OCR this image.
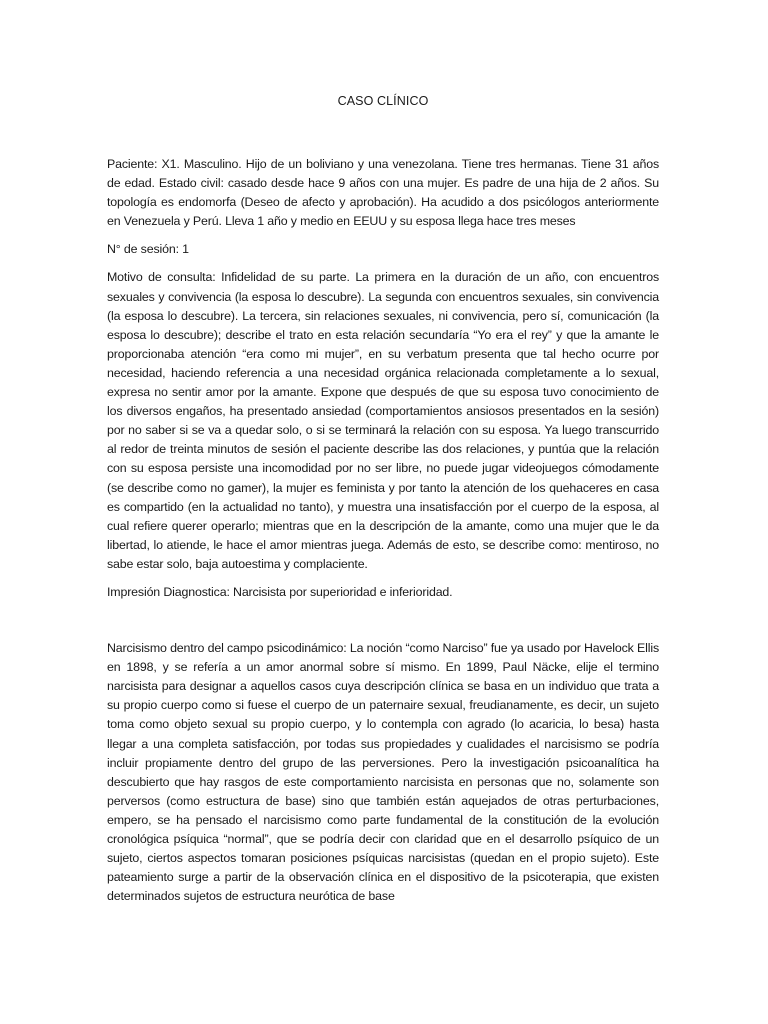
CASO CLÍNICO

Paciente: X1. Masculino. Hijo de un boliviano y una venezolana. Tiene tres hermanas. Tiene 31 años de edad. Estado civil: casado desde hace 9 años con una mujer. Es padre de una hija de 2 años. Su topología es endomorfa (Deseo de afecto y aprobación). Ha acudido a dos psicólogos anteriormente en Venezuela y Perú. Lleva 1 año y medio en EEUU y su esposa llega hace tres meses

N° de sesión: 1

Motivo de consulta: Infidelidad de su parte. La primera en la duración de un año, con encuentros sexuales y convivencia (la esposa lo descubre). La segunda con encuentros sexuales, sin convivencia (la esposa lo descubre). La tercera, sin relaciones sexuales, ni convivencia, pero sí, comunicación (la esposa lo descubre); describe el trato en esta relación secundaría “Yo era el rey” y que la amante le proporcionaba atención “era como mi mujer”, en su verbatum presenta que tal hecho ocurre por necesidad, haciendo referencia a una necesidad orgánica relacionada completamente a lo sexual, expresa no sentir amor por la amante. Expone que después de que su esposa tuvo conocimiento de los diversos engaños, ha presentado ansiedad (comportamientos ansiosos presentados en la sesión) por no saber si se va a quedar solo, o si se terminará la relación con su esposa. Ya luego transcurrido al redor de treinta minutos de sesión el paciente describe las dos relaciones, y puntúa que la relación con su esposa persiste una incomodidad por no ser libre, no puede jugar videojuegos cómodamente (se describe como no gamer), la mujer es feminista y por tanto la atención de los quehaceres en casa es compartido (en la actualidad no tanto), y muestra una insatisfacción por el cuerpo de la esposa, al cual refiere querer operarlo; mientras que en la descripción de la amante, como una mujer que le da libertad, lo atiende, le hace el amor mientras juega. Además de esto, se describe como: mentiroso, no sabe estar solo, baja autoestima y complaciente.

Impresión Diagnostica: Narcisista por superioridad e inferioridad.

Narcisismo dentro del campo psicodinámico: La noción “como Narciso” fue ya usado por Havelock Ellis en 1898, y se refería a un amor anormal sobre sí mismo. En 1899, Paul Näcke, elije el termino narcisista para designar a aquellos casos cuya descripción clínica se basa en un individuo que trata a su propio cuerpo como si fuese el cuerpo de un paternaire sexual, freudianamente, es decir, un sujeto toma como objeto sexual su propio cuerpo, y lo contempla con agrado (lo acaricia, lo besa) hasta llegar a una completa satisfacción, por todas sus propiedades y cualidades el narcisismo se podría incluir propiamente dentro del grupo de las perversiones. Pero la investigación psicoanalítica ha descubierto que hay rasgos de este comportamiento narcisista en personas que no, solamente son perversos (como estructura de base) sino que también están aquejados de otras perturbaciones, empero, se ha pensado el narcisismo como parte fundamental de la constitución de la evolución cronológica psíquica “normal”, que se podría decir con claridad que en el desarrollo psíquico de un sujeto, ciertos aspectos tomaran posiciones psíquicas narcisistas (quedan en el propio sujeto). Este pateamiento surge a partir de la observación clínica en el dispositivo de la psicoterapia, que existen determinados sujetos de estructura neurótica de base
